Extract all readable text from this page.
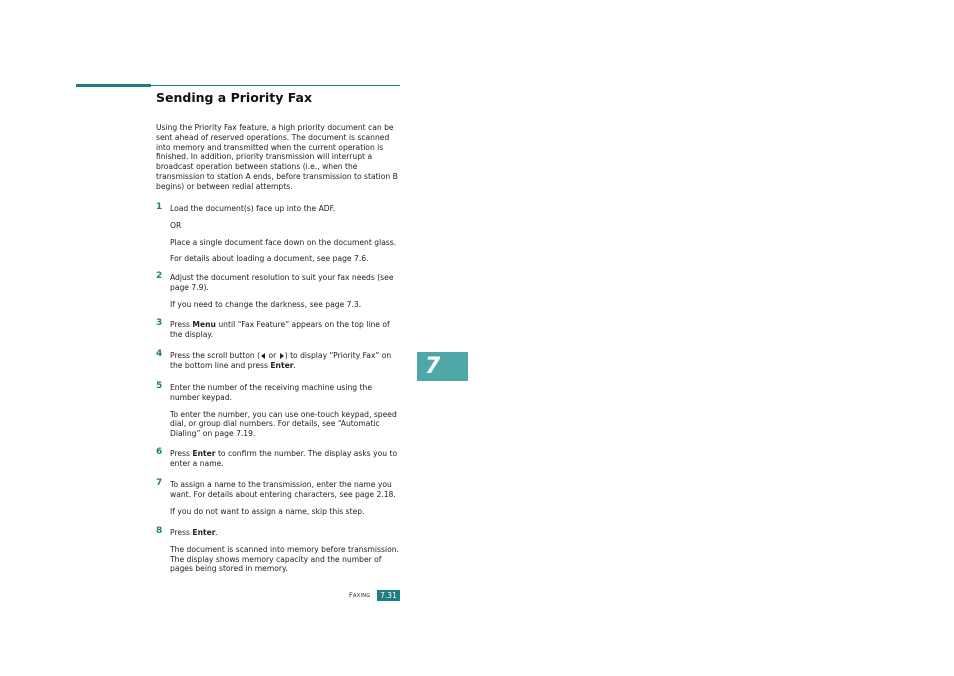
Sending a Priority Fax

Using the Priority Fax feature, a high priority document can be sent ahead of reserved operations. The document is scanned into memory and transmitted when the current operation is finished. In addition, priority transmission will interrupt a broadcast operation between stations (i.e., when the transmission to station A ends, before transmission to station B begins) or between redial attempts.

1 Load the document(s) face up into the ADF.

OR

Place a single document face down on the document glass.

For details about loading a document, see page 7.6.

2 Adjust the document resolution to suit your fax needs (see page 7.9).

If you need to change the darkness, see page 7.3.

3 Press Menu until “Fax Feature” appears on the top line of the display.

4 Press the scroll button ( or ) to display “Priority Fax” on the bottom line and press Enter.

5 Enter the number of the receiving machine using the number keypad.

To enter the number, you can use one-touch keypad, speed dial, or group dial numbers. For details, see “Automatic Dialing” on page 7.19.

6 Press Enter to confirm the number. The display asks you to enter a name.

7 To assign a name to the transmission, enter the name you want. For details about entering characters, see page 2.18.

If you do not want to assign a name, skip this step.

8 Press Enter.

The document is scanned into memory before transmission. The display shows memory capacity and the number of pages being stored in memory.

7
Faxing	7.31
